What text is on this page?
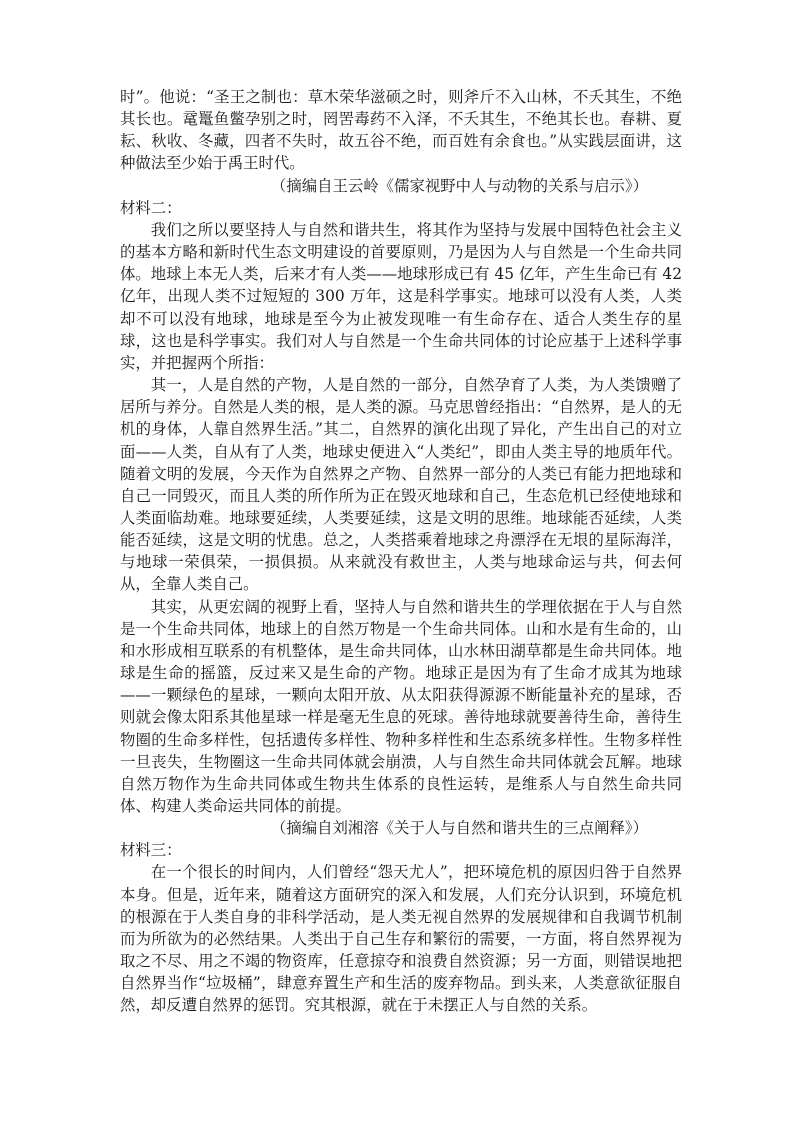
时”。他说：“圣王之制也：草木荣华滋硕之时，则斧斤不入山林，不夭其生，不绝其长也。鼋鼍鱼鳖孕别之时，罔罟毒药不入泽，不夭其生，不绝其长也。春耕、夏耘、秋收、冬藏，四者不失时，故五谷不绝，而百姓有余食也。”从实践层面讲，这种做法至少始于禹王时代。

（摘编自王云岭《儒家视野中人与动物的关系与启示》）

材料二：

我们之所以要坚持人与自然和谐共生，将其作为坚持与发展中国特色社会主义的基本方略和新时代生态文明建设的首要原则，乃是因为人与自然是一个生命共同体。地球上本无人类，后来才有人类——地球形成已有 45 亿年，产生生命已有 42 亿年，出现人类不过短短的 300 万年，这是科学事实。地球可以没有人类，人类却不可以没有地球，地球是至今为止被发现唯一有生命存在、适合人类生存的星球，这也是科学事实。我们对人与自然是一个生命共同体的讨论应基于上述科学事实，并把握两个所指：

其一，人是自然的产物，人是自然的一部分，自然孕育了人类，为人类馈赠了居所与养分。自然是人类的根，是人类的源。马克思曾经指出：“自然界，是人的无机的身体，人靠自然界生活。”其二，自然界的演化出现了异化，产生出自己的对立面——人类，自从有了人类，地球史便进入“人类纪”，即由人类主导的地质年代。随着文明的发展，今天作为自然界之产物、自然界一部分的人类已有能力把地球和自己一同毁灭，而且人类的所作所为正在毁灭地球和自己，生态危机已经使地球和人类面临劫难。地球要延续，人类要延续，这是文明的思维。地球能否延续，人类能否延续，这是文明的忧患。总之，人类搭乘着地球之舟漂浮在无垠的星际海洋，与地球一荣俱荣，一损俱损。从来就没有救世主，人类与地球命运与共，何去何从，全靠人类自己。

其实，从更宏阔的视野上看，坚持人与自然和谐共生的学理依据在于人与自然是一个生命共同体，地球上的自然万物是一个生命共同体。山和水是有生命的，山和水形成相互联系的有机整体，是生命共同体，山水林田湖草都是生命共同体。地球是生命的摇篮，反过来又是生命的产物。地球正是因为有了生命才成其为地球——一颗绿色的星球，一颗向太阳开放、从太阳获得源源不断能量补充的星球，否则就会像太阳系其他星球一样是毫无生息的死球。善待地球就要善待生命，善待生物圈的生命多样性，包括遗传多样性、物种多样性和生态系统多样性。生物多样性一旦丧失，生物圈这一生命共同体就会崩溃，人与自然生命共同体就会瓦解。地球自然万物作为生命共同体或生物共生体系的良性运转，是维系人与自然生命共同体、构建人类命运共同体的前提。

（摘编自刘湘溶《关于人与自然和谐共生的三点阐释》）

材料三：

在一个很长的时间内，人们曾经“怨天尤人”，把环境危机的原因归咎于自然界本身。但是，近年来，随着这方面研究的深入和发展，人们充分认识到，环境危机的根源在于人类自身的非科学活动，是人类无视自然界的发展规律和自我调节机制而为所欲为的必然结果。人类出于自己生存和繁衍的需要，一方面，将自然界视为取之不尽、用之不竭的物资库，任意掠夺和浪费自然资源；另一方面，则错误地把自然界当作“垃圾桶”，肆意弃置生产和生活的废弃物品。到头来，人类意欲征服自然，却反遭自然界的惩罚。究其根源，就在于未摆正人与自然的关系。
